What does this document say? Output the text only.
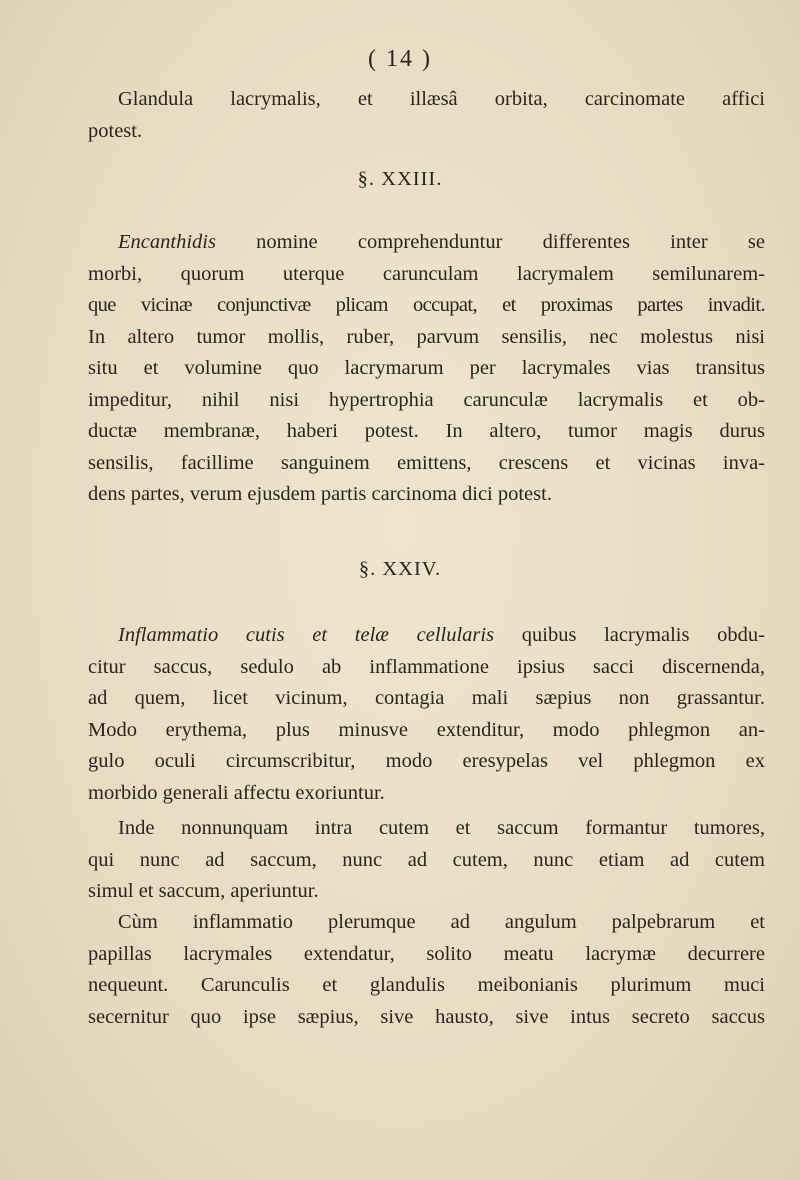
( 14 )
Glandula lacrymalis, et illæsâ orbita, carcinomate affici
potest.
§. XXIII.
Encanthidis nomine comprehenduntur differentes inter se
morbi, quorum uterque carunculam lacrymalem semilunarem-
que vicinæ conjunctivæ plicam occupat, et proximas partes invadit.
In altero tumor mollis, ruber, parvum sensilis, nec molestus nisi
situ et volumine quo lacrymarum per lacrymales vias transitus
impeditur, nihil nisi hypertrophia carunculæ lacrymalis et ob-
ductæ membranæ, haberi potest. In altero, tumor magis durus
sensilis, facillime sanguinem emittens, crescens et vicinas inva-
dens partes, verum ejusdem partis carcinoma dici potest.
§. XXIV.
Inflammatio cutis et telæ cellularis quibus lacrymalis obdu-
citur saccus, sedulo ab inflammatione ipsius sacci discernenda,
ad quem, licet vicinum, contagia mali sæpius non grassantur.
Modo erythema, plus minusve extenditur, modo phlegmon an-
gulo oculi circumscribitur, modo eresypelas vel phlegmon ex
morbido generali affectu exoriuntur.
Inde nonnunquam intra cutem et saccum formantur tumores,
qui nunc ad saccum, nunc ad cutem, nunc etiam ad cutem
simul et saccum, aperiuntur.
Cùm inflammatio plerumque ad angulum palpebrarum et
papillas lacrymales extendatur, solito meatu lacrymæ decurrere
nequeunt. Carunculis et glandulis meibonianis plurimum muci
secernitur quo ipse sæpius, sive hausto, sive intus secreto saccus
